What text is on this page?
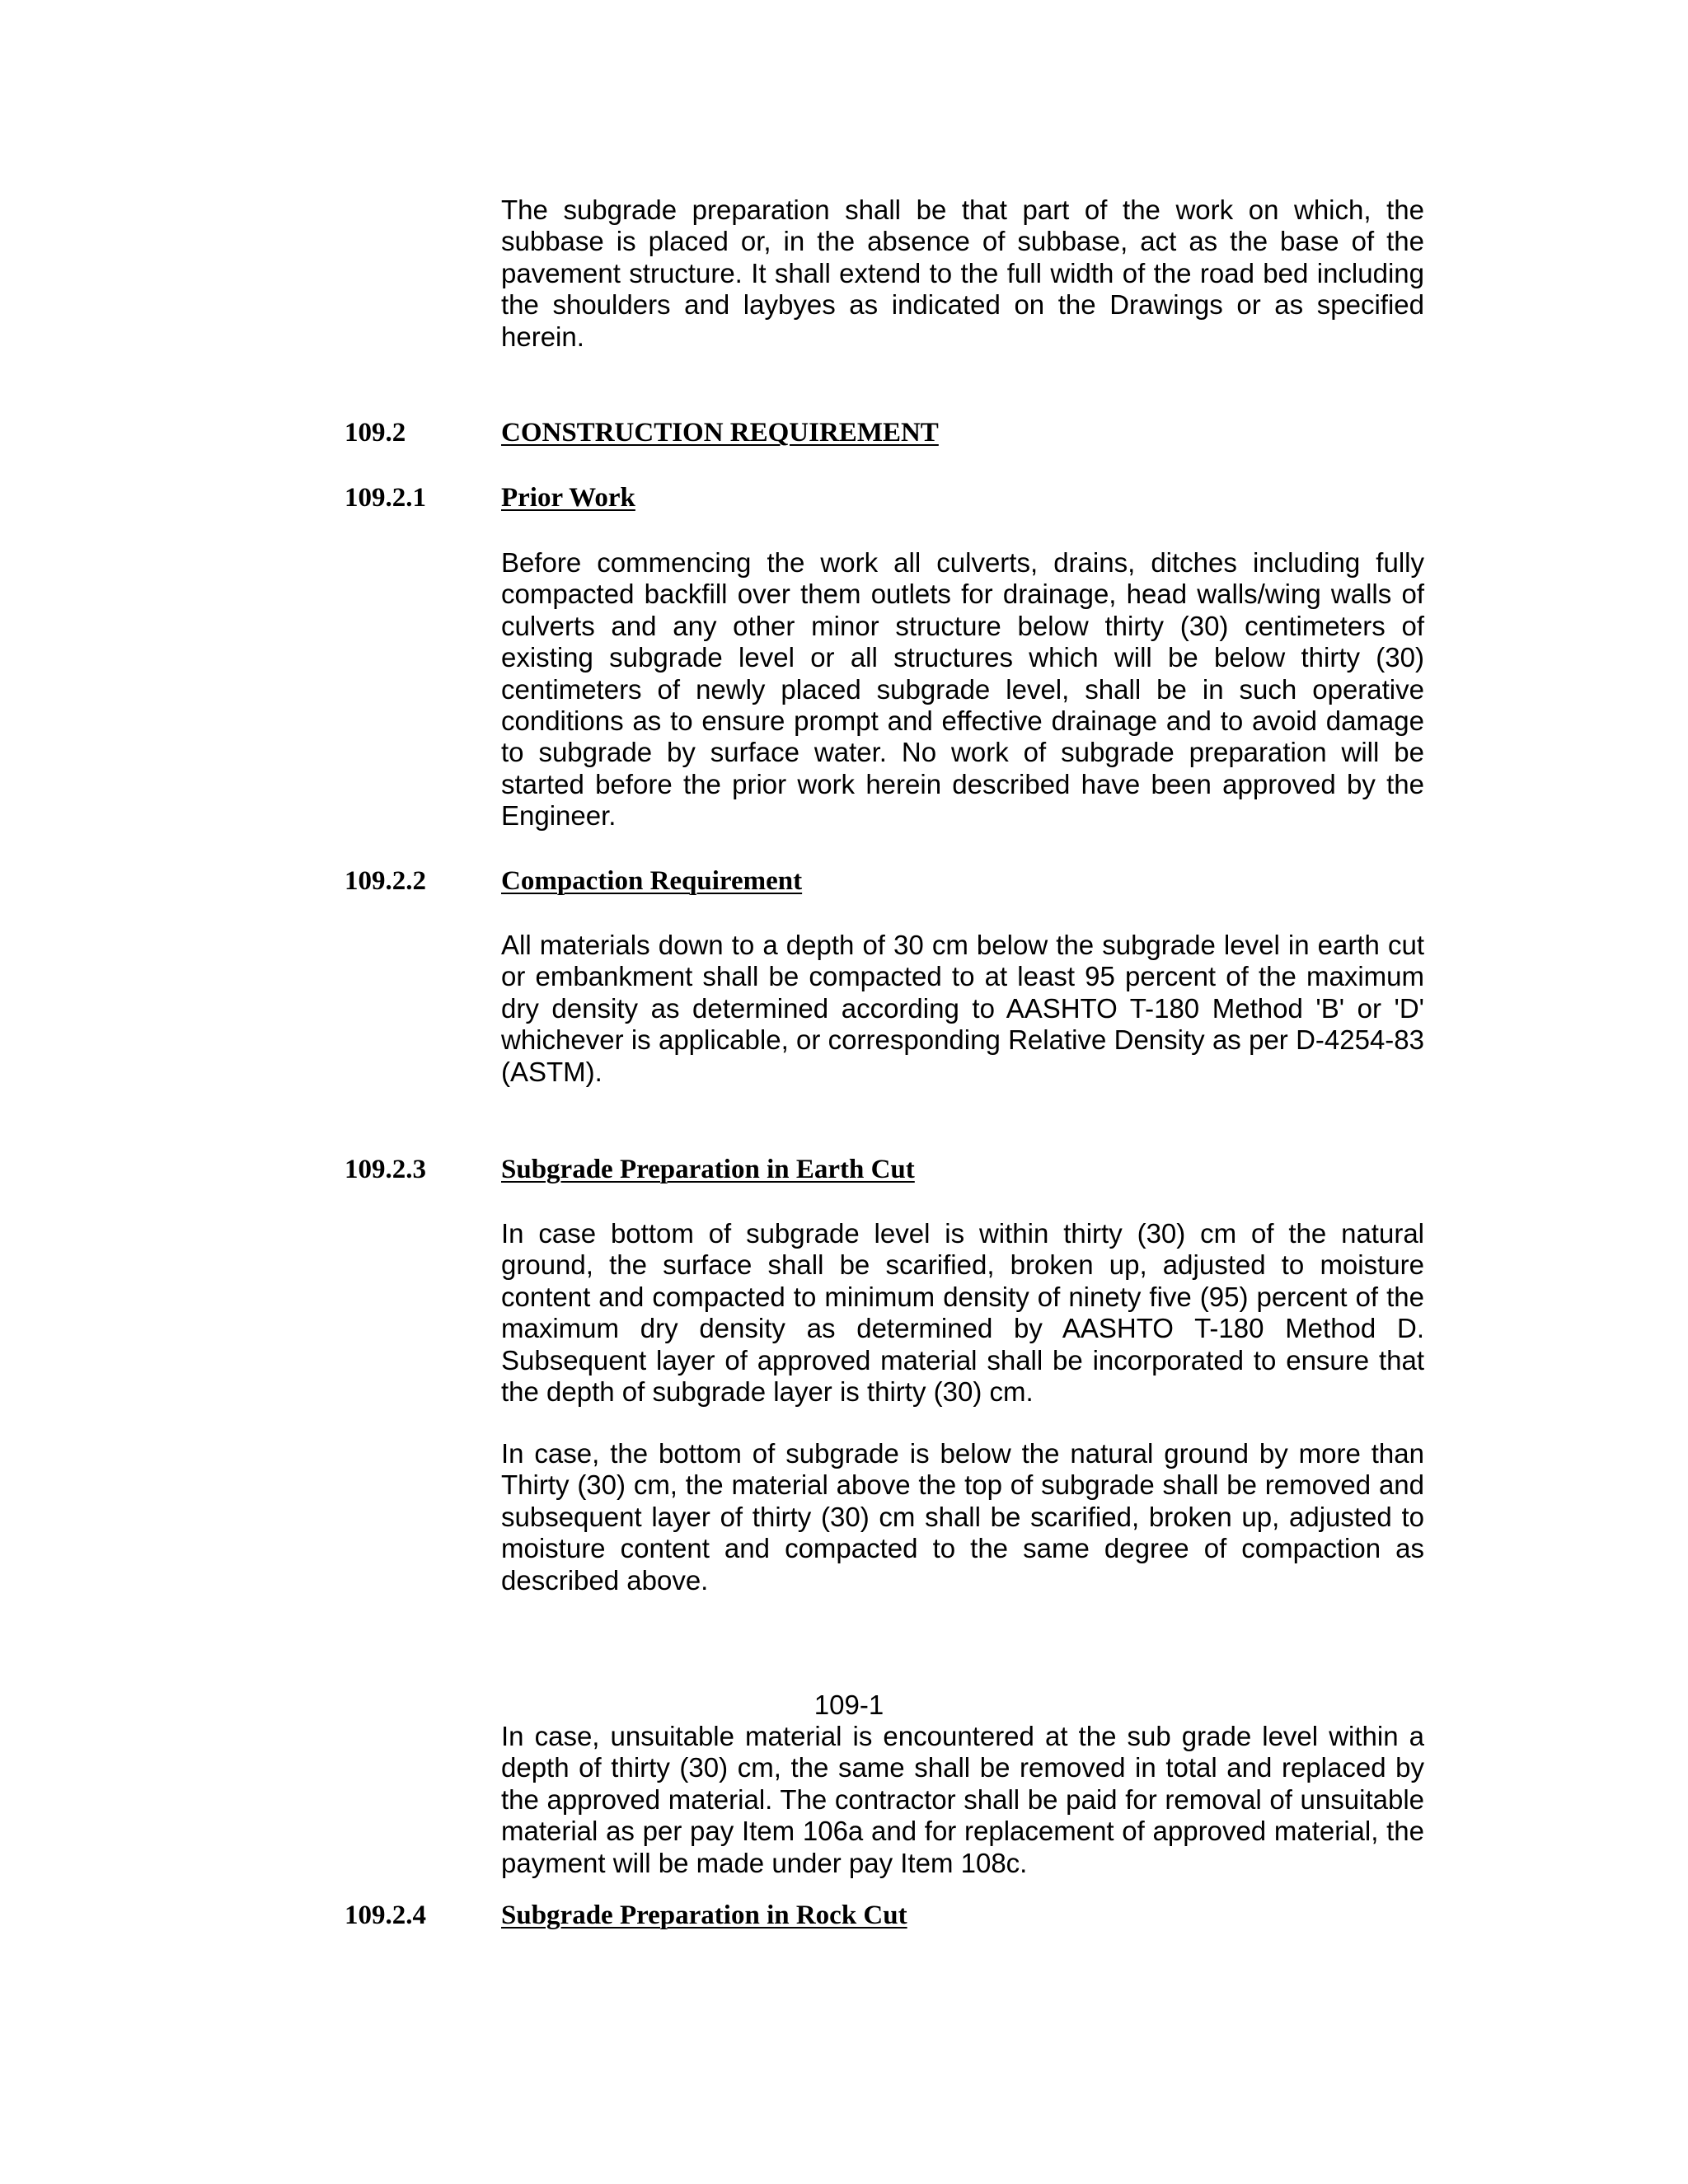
The subgrade preparation shall be that part of the work on which, the subbase is placed or, in the absence of subbase, act as the base of the pavement structure. It shall extend to the full width of the road bed including the shoulders and laybyes as indicated on the Drawings or as specified herein.

109.2	CONSTRUCTION REQUIREMENT

109.2.1	Prior Work

Before commencing the work all culverts, drains, ditches including fully compacted backfill over them outlets for drainage, head walls/wing walls of culverts and any other minor structure below thirty (30) centimeters of existing subgrade level or all structures which will be below thirty (30) centimeters of newly placed subgrade level, shall be in such operative conditions as to ensure prompt and effective drainage and to avoid damage to subgrade by surface water. No work of subgrade preparation will be started before the prior work herein described have been approved by the Engineer.

109.2.2	Compaction Requirement

All materials down to a depth of 30 cm below the subgrade level in earth cut or embankment shall be compacted to at least 95 percent of the maximum dry density as determined according to AASHTO T-180 Method 'B' or 'D' whichever is applicable, or corresponding Relative Density as per D-4254-83 (ASTM).

109.2.3	Subgrade Preparation in Earth Cut

In case bottom of subgrade level is within thirty (30) cm of the natural ground, the surface shall be scarified, broken up, adjusted to moisture content and compacted to minimum density of ninety five (95) percent of the maximum dry density as determined by AASHTO T-180 Method D. Subsequent layer of approved material shall be incorporated to ensure that the depth of subgrade layer is thirty (30) cm.

In case, the bottom of subgrade is below the natural ground by more than Thirty (30) cm, the material above the top of subgrade shall be removed and subsequent layer of thirty (30) cm shall be scarified, broken up, adjusted to moisture content and compacted to the same degree of compaction as described above.

109-1

In case, unsuitable material is encountered at the sub grade level within a depth of thirty (30) cm, the same shall be removed in total and replaced by the approved material. The contractor shall be paid for removal of unsuitable material as per pay Item 106a and for replacement of approved material, the payment will be made under pay Item 108c.

109.2.4	Subgrade Preparation in Rock Cut
